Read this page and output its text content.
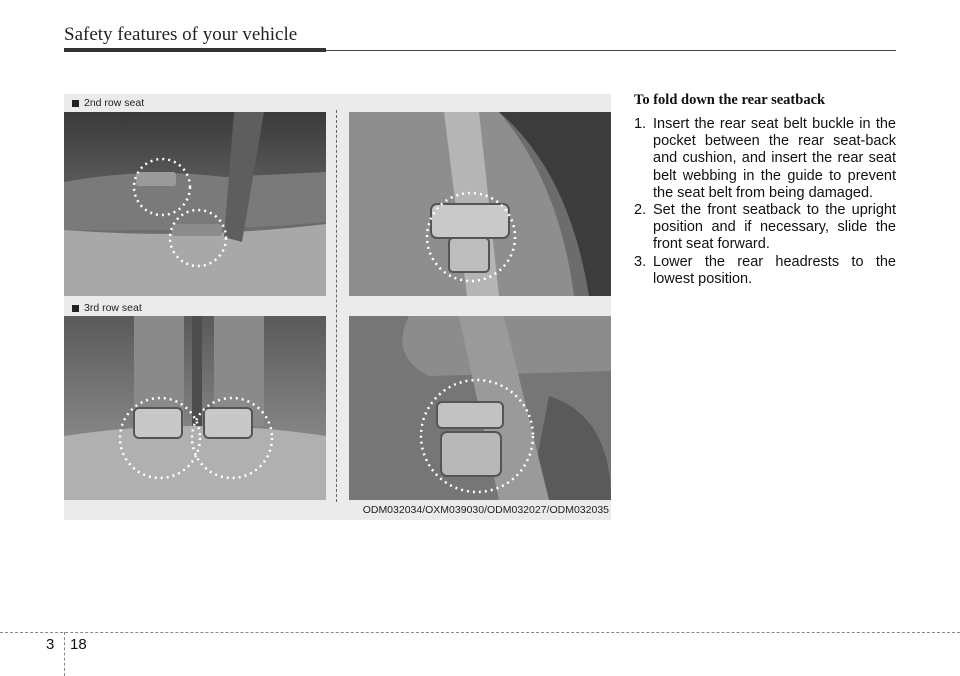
Safety features of your vehicle
2nd row seat
3rd row seat
ODM032034/OXM039030/ODM032027/ODM032035
To fold down the rear seatback
1. Insert the rear seat belt buckle in the pocket between the rear seat-back and cushion, and insert the rear seat belt webbing in the guide to prevent the seat belt from being damaged.
2. Set the front seatback to the upright position and if necessary, slide the front seat forward.
3. Lower the rear headrests to the lowest position.
3 18
